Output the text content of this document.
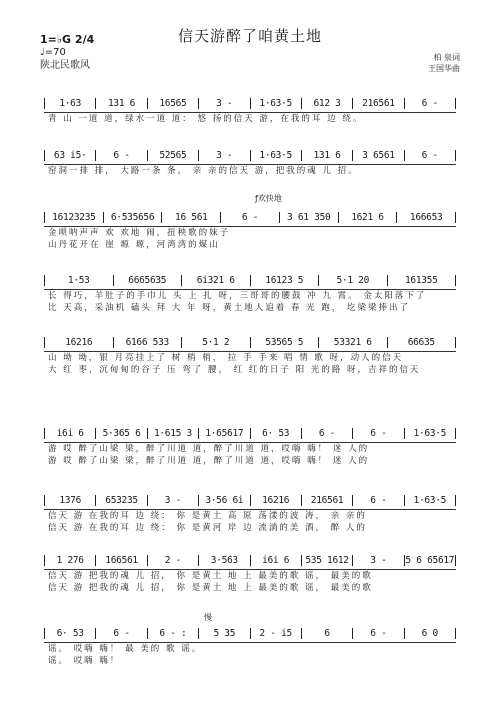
信天游醉了咱黄土地
1=♭G 2/4
♩=70
陕北民歌风
柏 泉词
王国华曲
1·63	131 6	16565	3 -	1·63·5	612 3	216561	6 -
青 山 一道 道，绿水一道 道： 悠 扬的信天 游，在我的耳 边 绕。
63 i5·	6 -	52565	3 -	1·63·5	131 6	3 6561	6 -
窑洞一排 排， 大路一条 条， 亲 亲的信天 游，把我的魂 儿 招。
16123235	6·535656	16 561	6 -	3 61 350	1621 6	166653
金唢呐声声 欢 欢地 闹，扭秧歌的妹子
山丹花开在 崖 塬 塬，河湾湾的煤山
1·53	6665635	6i321 6	16123 5	5·1 20	161355
长 得巧，羊肚子的手巾儿 头 上 扎 呀，三哥哥的腰鼓 冲 九 霄。 金太阳落下了
比 天高，采油机 磕头 拜 大 年 呀，黄土地人追着 春 光 跑， 圪梁梁捧出了
16216	6166 533	5·1 2	53565 5	53321 6	66635
山 坳 坳，银 月亮挂上了 树 梢 梢， 拉 手 手来 唱 情 歌 呀，动人的信天
大 红 枣，沉甸甸的谷子 压 弯了 腰， 红 红的日子 阳 光的路 呀，吉祥的信天
i6i 6	5·365 6	1·615 3	1·65617	6· 53	6 -	6 -	1·63·5
游 哎 醉了山梁 梁，醉了川道 道，醉了川道 道，哎嗨 嗨！ 迷 人的
游 哎 醉了山梁 梁，醉了川道 道，醉了川道 道，哎嗨 嗨！ 迷 人的
1376	653235	3 -	3·56 6i	16216	216561	6 -	1·63·5
信天 游 在我的耳 边 绕： 你 是黄土 高 原 荡漾的波 涛， 亲 亲的
信天 游 在我的耳 边 绕： 你 是黄河 岸 边 流淌的美 酒， 醉 人的
1 276	166561	2 -	3·563	i6i 6	535 1612	3 -	5 6 65617
信天 游 把我的魂 儿 招， 你 是黄土 地 上 最美的歌 谣， 最美的歌
信天 游 把我的魂 儿 招， 你 是黄土 地 上 最美的歌 谣， 最美的歌
6· 53	6 -	6 - :	5 35	2 - i5	6	6 -	6 0
谣。 哎嗨 嗨！ 最 美的 歌 谣。
谣。 哎嗨 嗨！
ƒ欢快地
慢
